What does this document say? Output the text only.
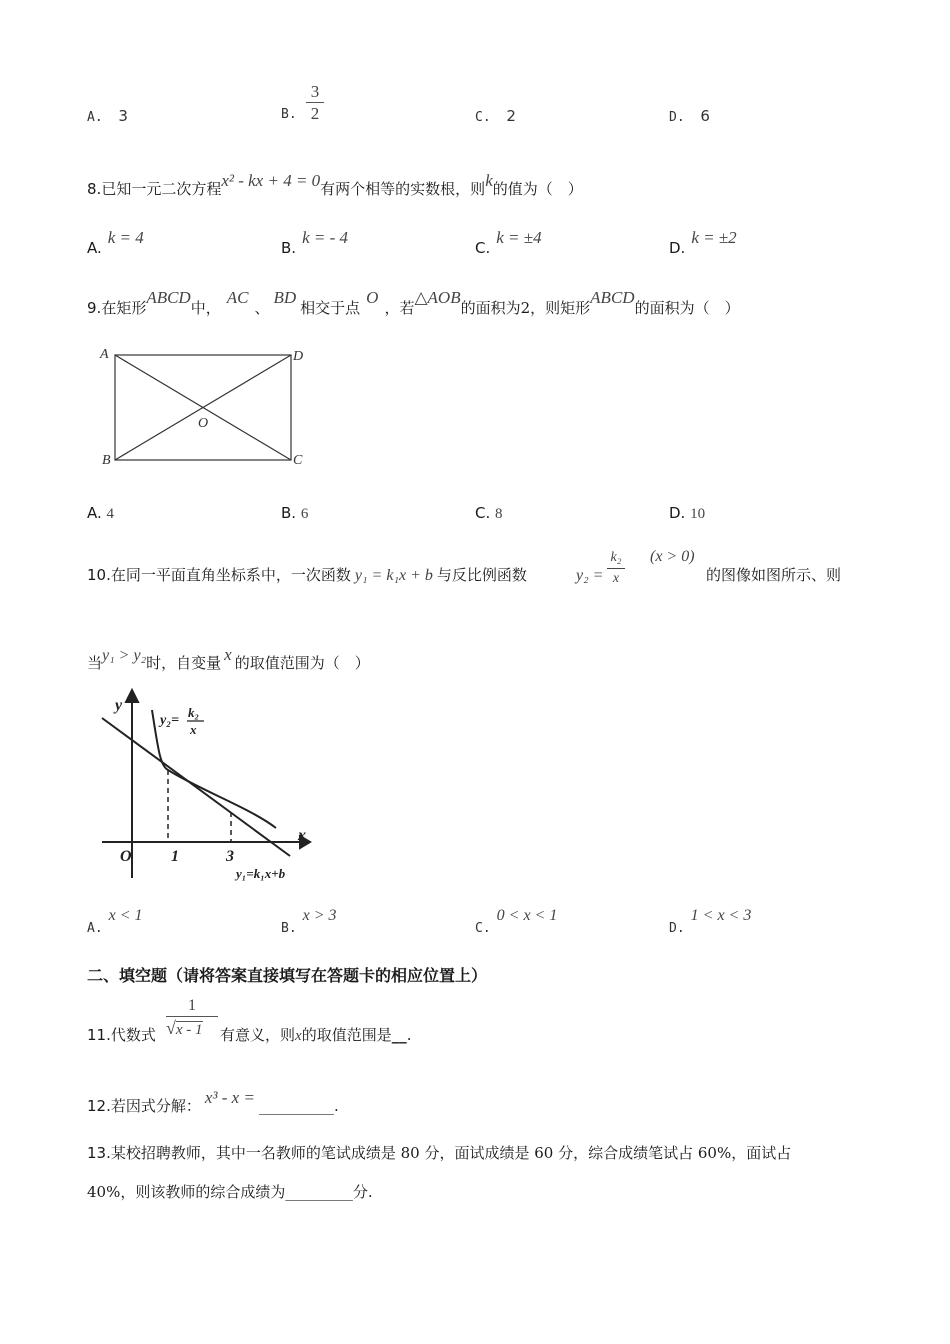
A. 3	B.
3
2	C. 2	D. 6
8.已知一元二次方程x² - kx + 4 = 0有两个相等的实数根，则k的值为（　）
A.k = 4
B.k = - 4
C.k = ±4
D.k = ±2
9.在矩形ABCD中，AC、BD相交于点O，若△AOB的面积为2，则矩形ABCD的面积为（　）
A	D
B	C
O
A. 4	B. 6	C. 8	D. 10
10.在同一平面直角坐标系中，一次函数 y₁ = k₁x + b 与反比例函数	$y_2 = \frac{\text{k₂}}{x} (x > 0)$
的图像如图所示、则
当y₁ > y₂时，自变量 x 的取值范围为（　）
y
x
O 1	3
y₂=
k₂
x
y₁=k₁x+b
A.x < 1
B.x > 3
C.0 < x < 1
D.1 < x < 3
二、填空题（请将答案直接填写在答题卡的相应位置上）
11.代数式
1
√x - 1	有意义，则x的取值范围是__.
12.若因式分解： x³ - x = __________.
13.某校招聘教师，其中一名教师的笔试成绩是 80 分，面试成绩是 60 分，综合成绩笔试占 60%，面试占
40%，则该教师的综合成绩为_________分.
